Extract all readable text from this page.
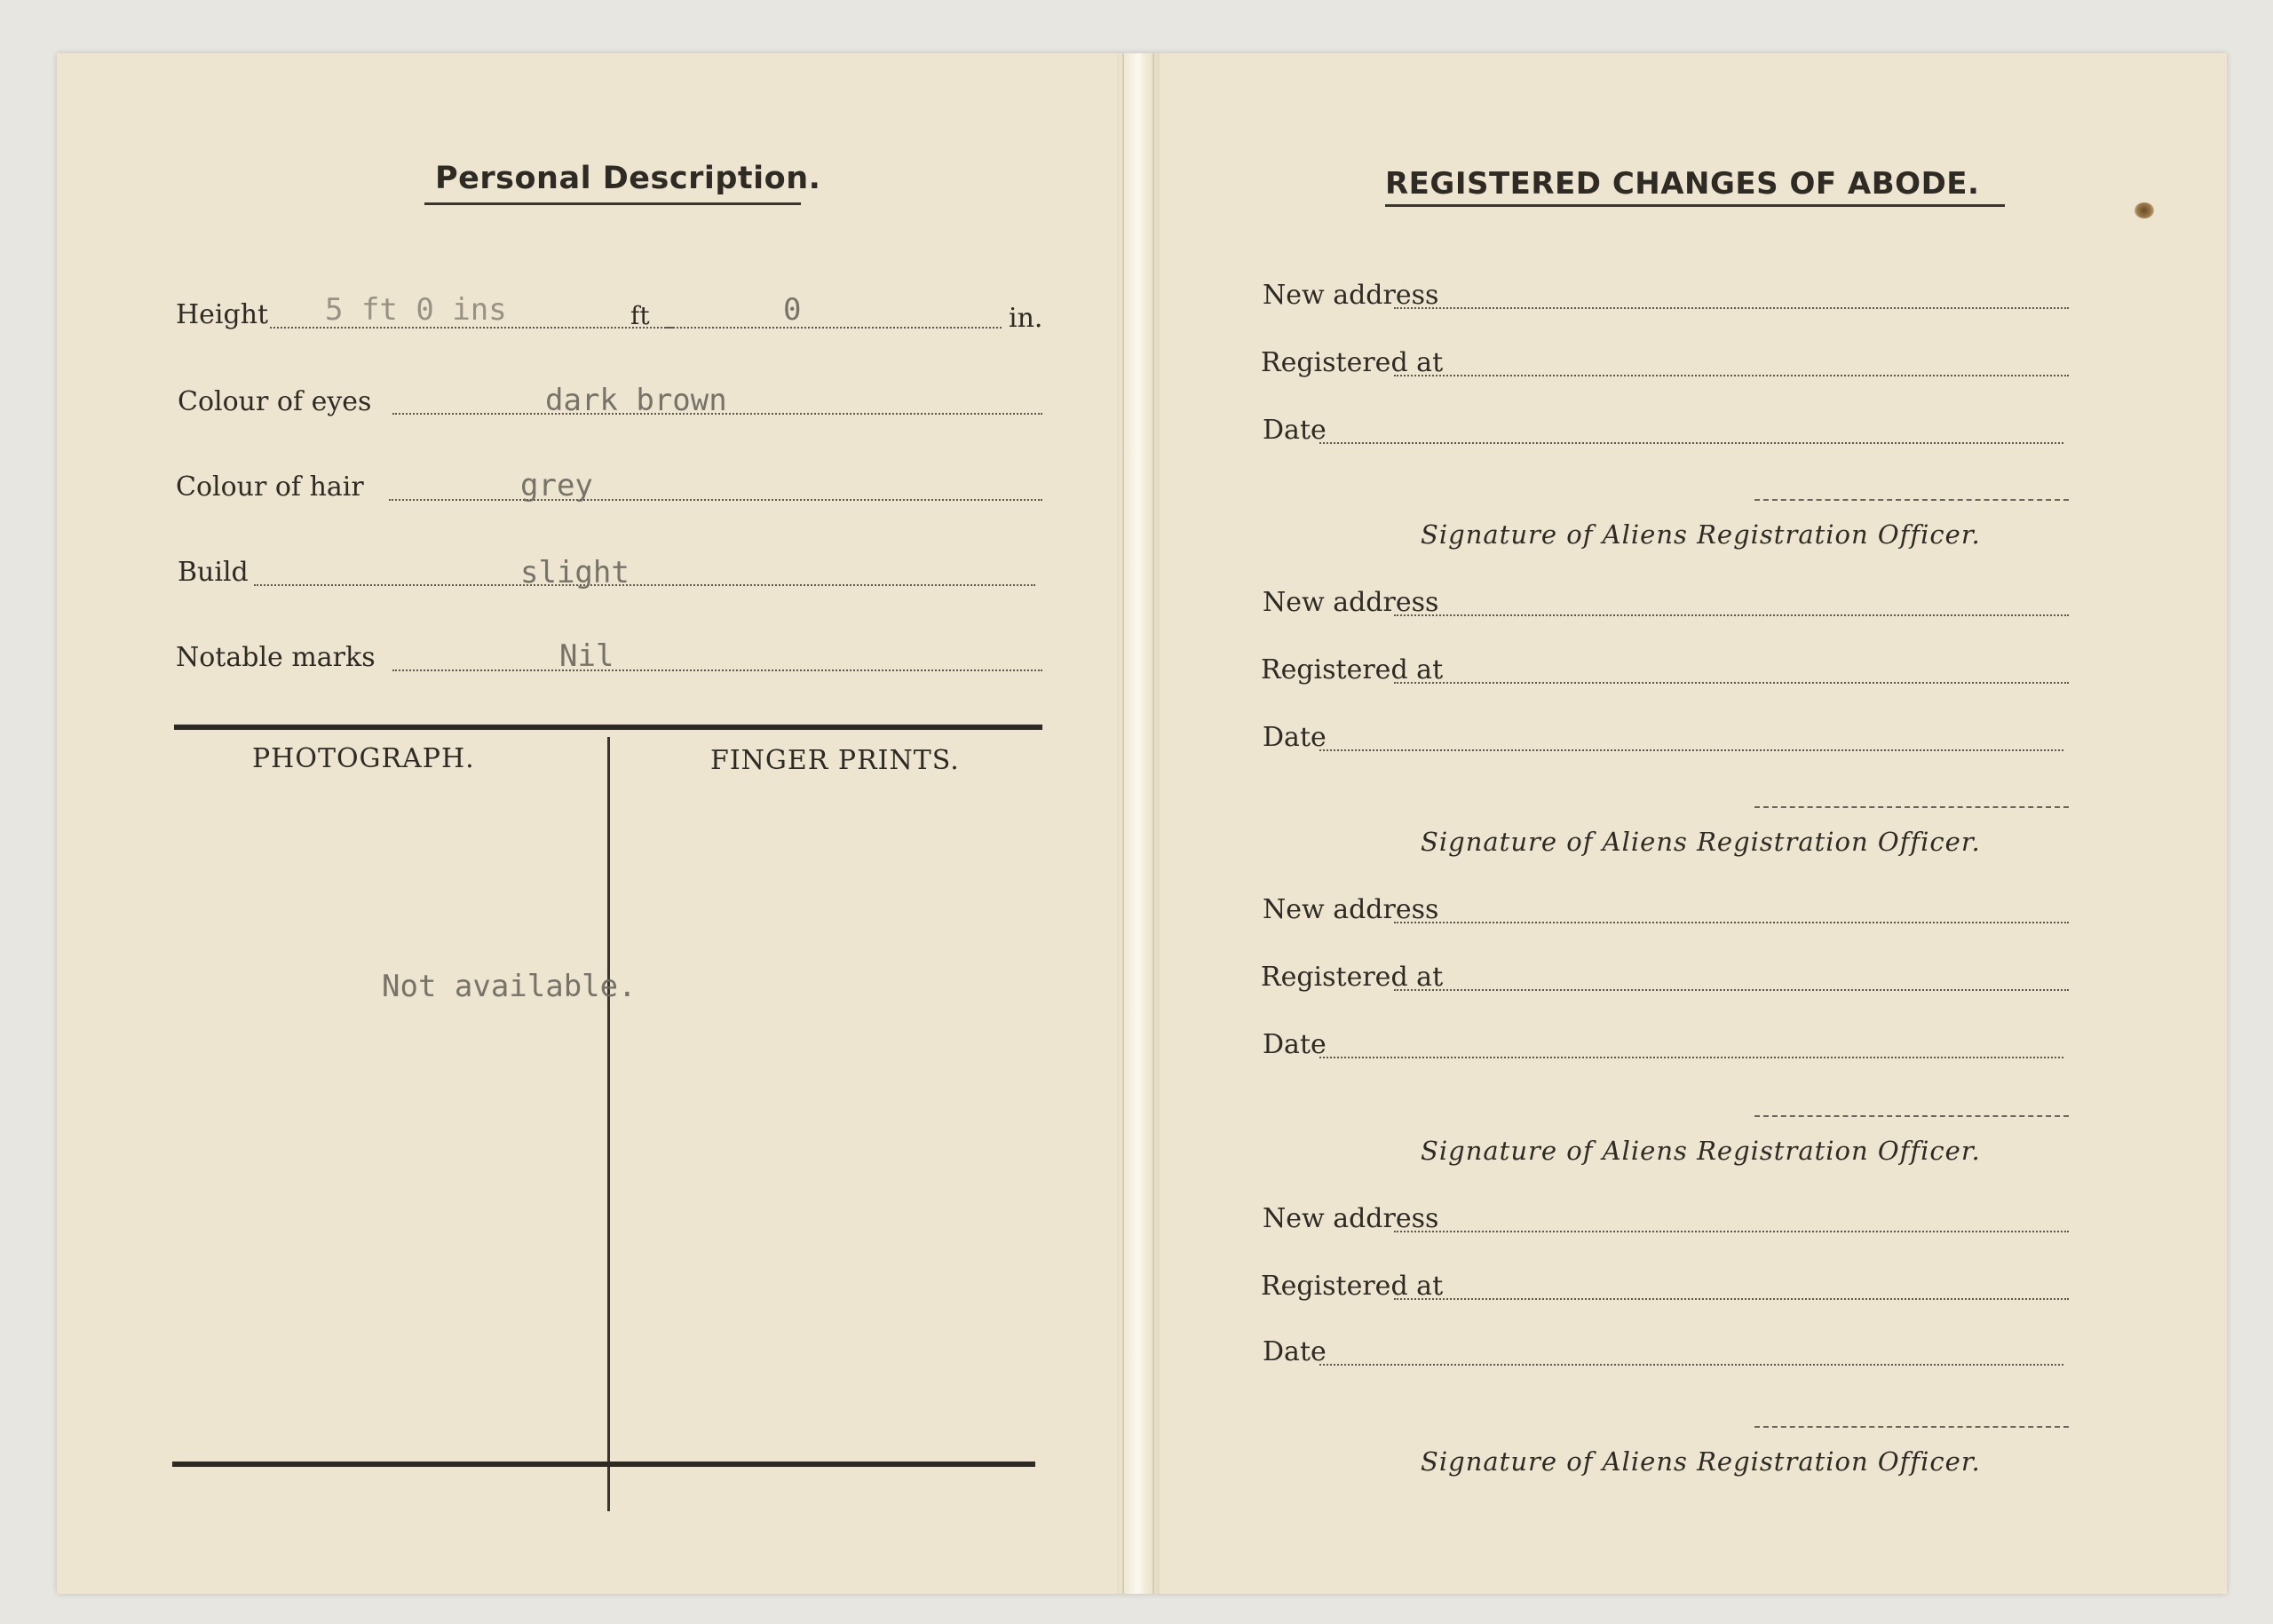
Personal Description.
Height 5 ft 0 ins	ft	0	in.
Colour of eyes	dark brown
Colour of hair	grey
Build	slight
Notable marks	Nil
PHOTOGRAPH.	FINGER PRINTS.
Not available.
REGISTERED CHANGES OF ABODE.
New address
Registered at
Date
Signature of Aliens Registration Officer.
New address
Registered at
Date
Signature of Aliens Registration Officer.
New address
Registered at
Date
Signature of Aliens Registration Officer.
New address
Registered at
Date
Signature of Aliens Registration Officer.
